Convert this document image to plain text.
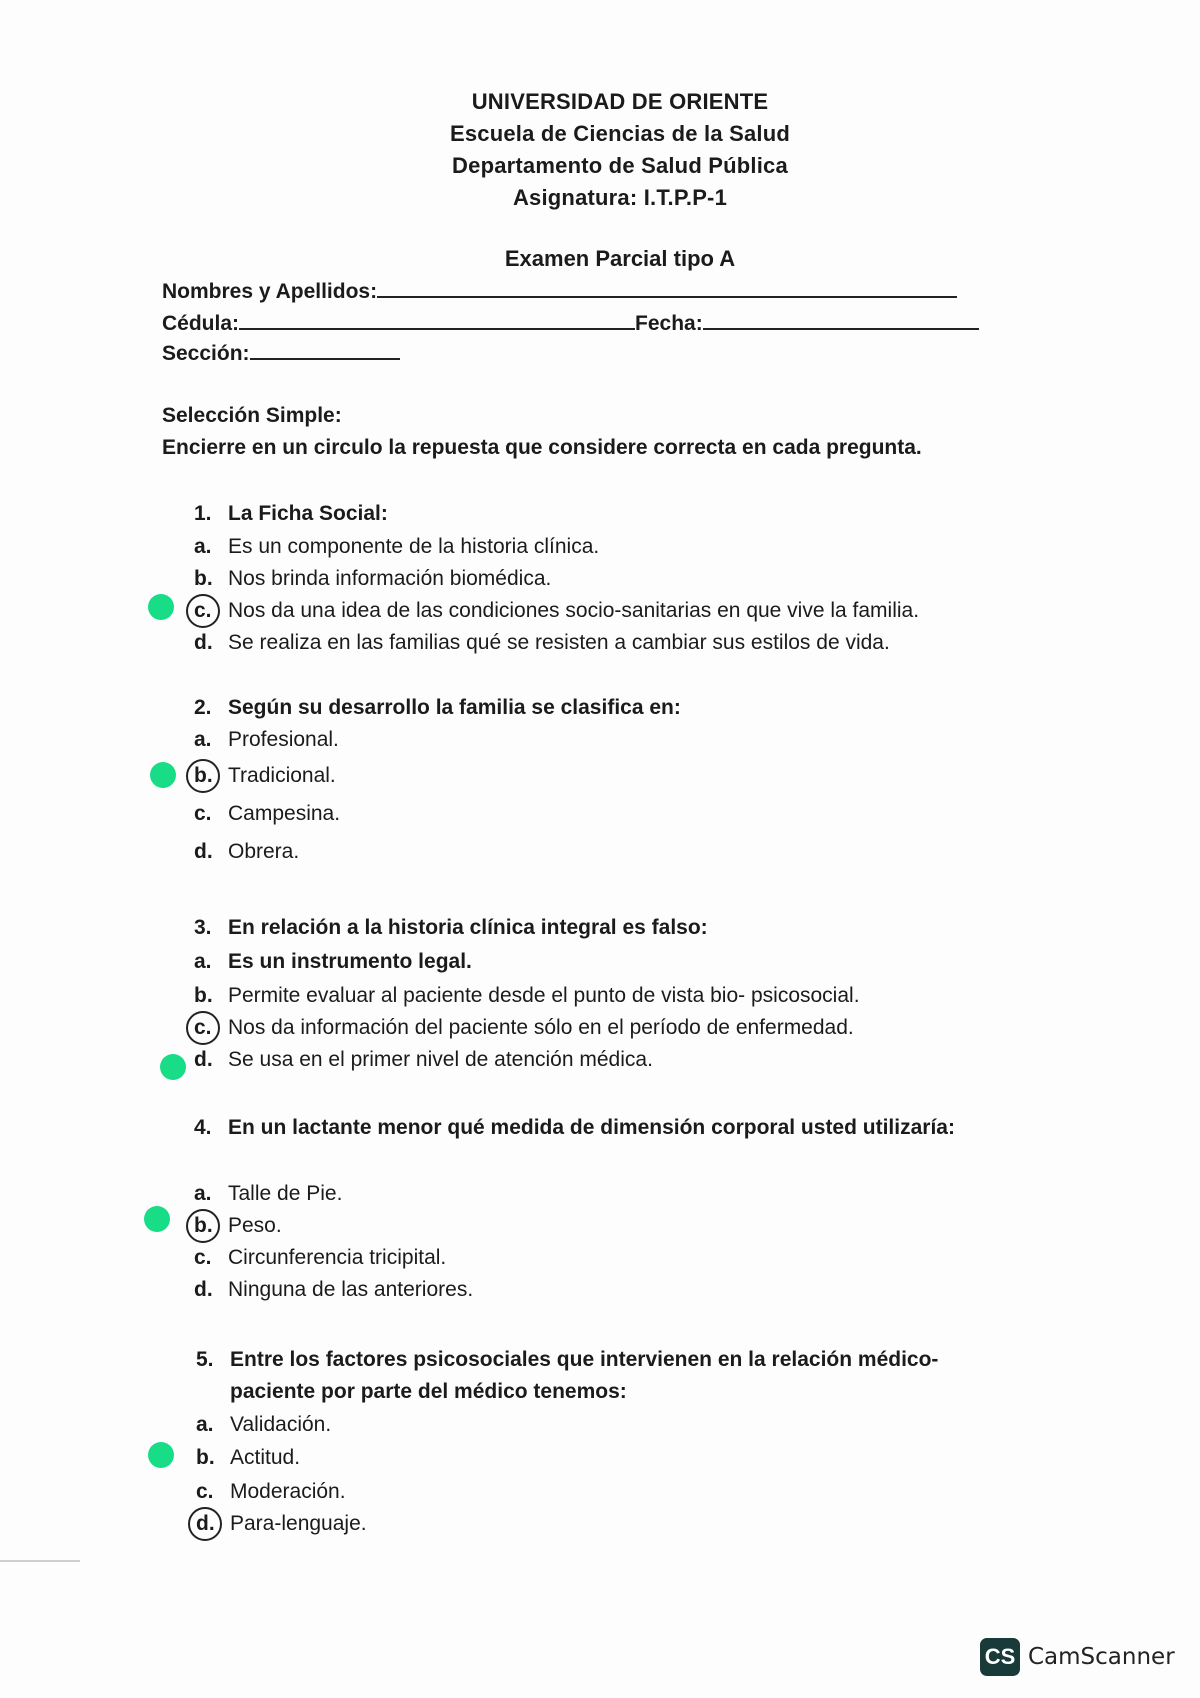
UNIVERSIDAD DE ORIENTE
Escuela de Ciencias de la Salud
Departamento de Salud Pública
Asignatura: I.T.P.P-1
Examen Parcial tipo A
Nombres y Apellidos:
Cédula:	Fecha:
Sección:
Selección Simple:
Encierre en un circulo la repuesta que considere correcta en cada pregunta.
1. La Ficha Social:
a. Es un componente de la historia clínica.
b. Nos brinda información biomédica.
c. Nos da una idea de las condiciones socio-sanitarias en que vive la familia.
d. Se realiza en las familias qué se resisten a cambiar sus estilos de vida.
2. Según su desarrollo la familia se clasifica en:
a. Profesional.
b. Tradicional.
c. Campesina.
d. Obrera.
3. En relación a la historia clínica integral es falso:
a. Es un instrumento legal.
b. Permite evaluar al paciente desde el punto de vista bio- psicosocial.
c. Nos da información del paciente sólo en el período de enfermedad.
d. Se usa en el primer nivel de atención médica.
4. En un lactante menor qué medida de dimensión corporal usted utilizaría:
a. Talle de Pie.
b. Peso.
c. Circunferencia tricipital.
d. Ninguna de las anteriores.
5. Entre los factores psicosociales que intervienen en la relación médico-
paciente por parte del médico tenemos:
a. Validación.
b. Actitud.
c. Moderación.
d. Para-lenguaje.
CS CamScanner
